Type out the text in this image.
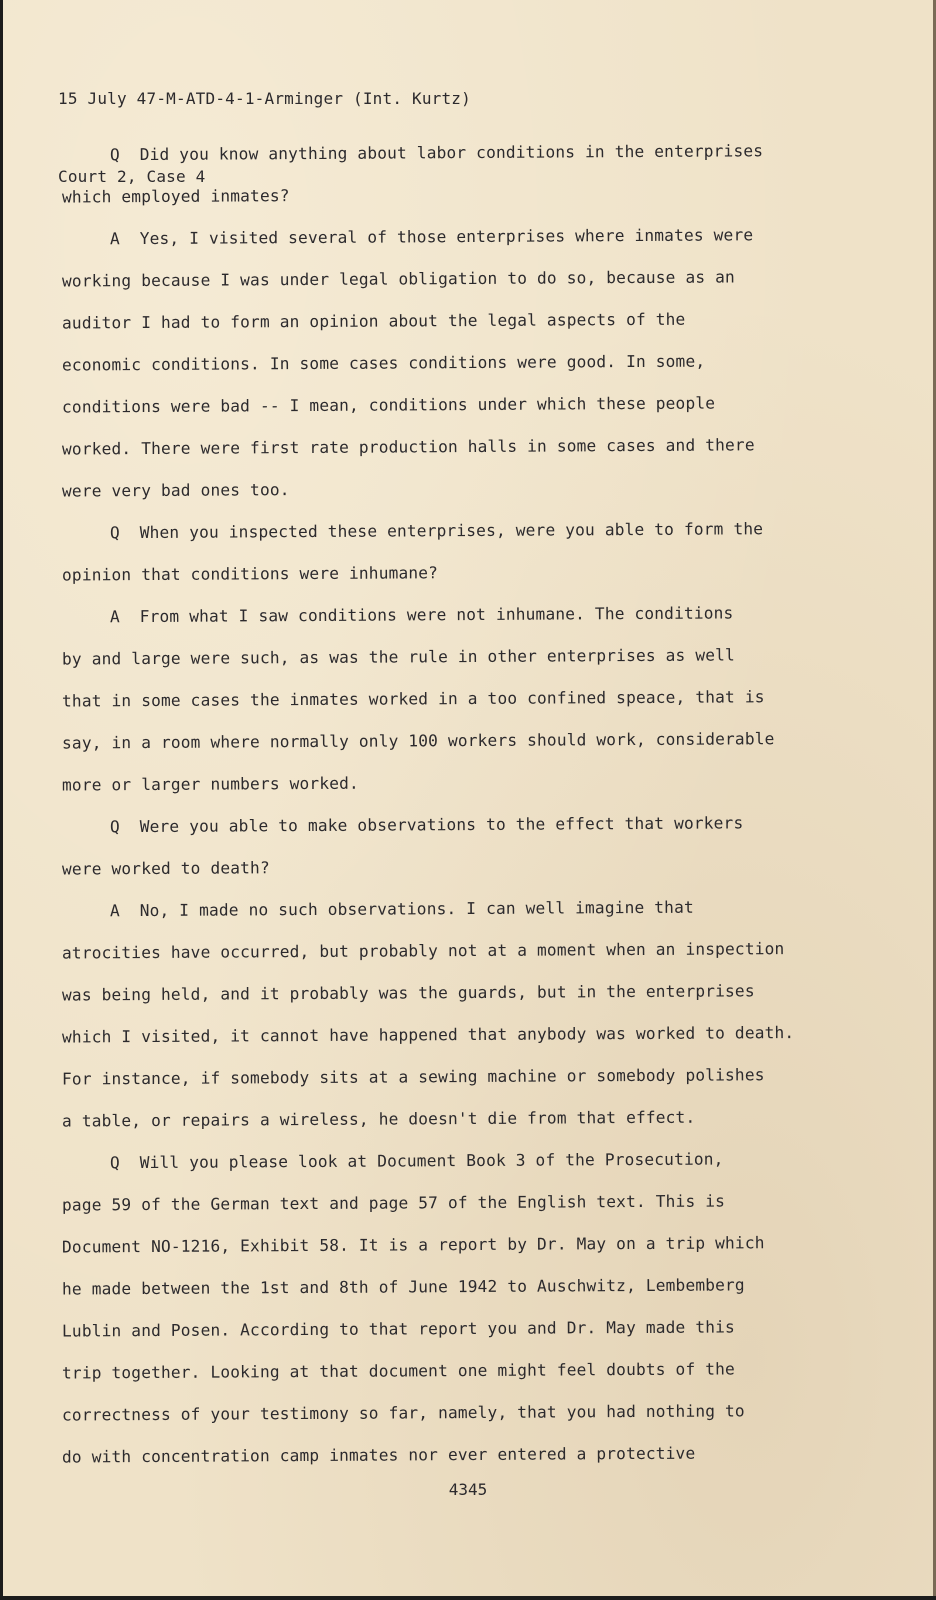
15 July 47-M-ATD-4-1-Arminger (Int. Kurtz)

Court 2, Case 4

Q  Did you know anything about labor conditions in the enterprises
which employed inmates?
A  Yes, I visited several of those enterprises where inmates were
working because I was under legal obligation to do so, because as an
auditor I had to form an opinion about the legal aspects of the
economic conditions. In some cases conditions were good. In some,
conditions were bad -- I mean, conditions under which these people
worked. There were first rate production halls in some cases and there
were very bad ones too.
Q  When you inspected these enterprises, were you able to form the
opinion that conditions were inhumane?
A  From what I saw conditions were not inhumane. The conditions
by and large were such, as was the rule in other enterprises as well
that in some cases the inmates worked in a too confined speace, that is
say, in a room where normally only 100 workers should work, considerable
more or larger numbers worked.
Q  Were you able to make observations to the effect that workers
were worked to death?
A  No, I made no such observations. I can well imagine that
atrocities have occurred, but probably not at a moment when an inspection
was being held, and it probably was the guards, but in the enterprises
which I visited, it cannot have happened that anybody was worked to death.
For instance, if somebody sits at a sewing machine or somebody polishes
a table, or repairs a wireless, he doesn't die from that effect.
Q  Will you please look at Document Book 3 of the Prosecution,
page 59 of the German text and page 57 of the English text. This is
Document NO-1216, Exhibit 58. It is a report by Dr. May on a trip which
he made between the 1st and 8th of June 1942 to Auschwitz, Lembemberg
Lublin and Posen. According to that report you and Dr. May made this
trip together. Looking at that document one might feel doubts of the
correctness of your testimony so far, namely, that you had nothing to
do with concentration camp inmates nor ever entered a protective
4345
